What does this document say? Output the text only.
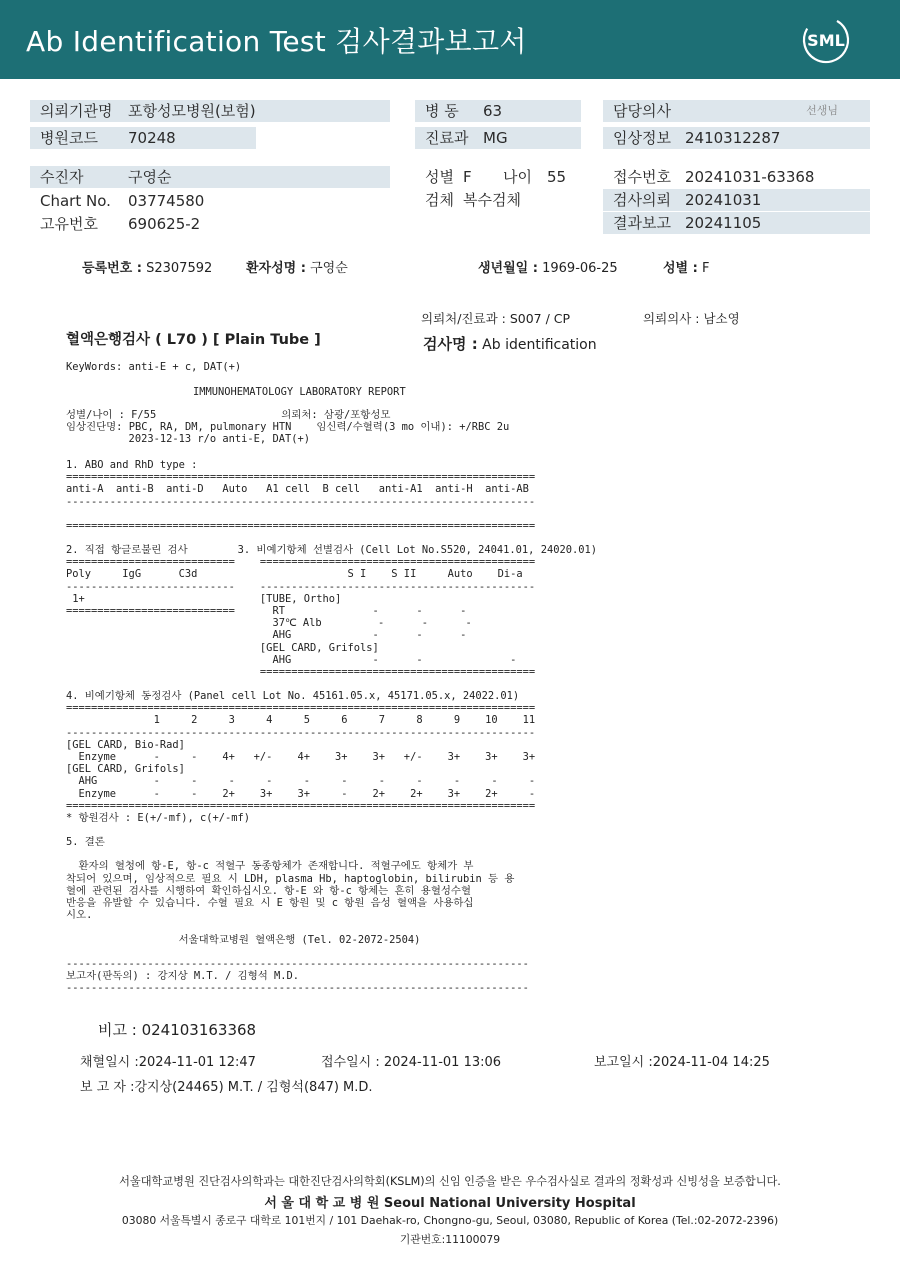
Ab Identification Test 검사결과보고서	SML
의뢰기관명 포항성모병원(보험)
병원코드 70248
병 동 63
진료과 MG
담당의사	선생님
임상정보 2410312287
수진자	구영순
Chart No. 03774580
고유번호 690625-2
성별 F 나이 55
검체 복수검체
접수번호 20241031-63368
검사의뢰 20241031
결과보고 20241105
등록번호 : S2307592	환자성명 : 구영순	생년월일 : 1969-06-25	성별 : F
의뢰처/진료과 : S007 / CP	의뢰의사 : 남소영
혈액은행검사 ( L70 ) [ Plain Tube ]	검사명 : Ab identification
KeyWords: anti-E + c, DAT(+)
IMMUNOHEMATOLOGY LABORATORY REPORT
성별/나이 : F/55                    의뢰처: 삼광/포항성모
임상진단명: PBC, RA, DM, pulmonary HTN    임신력/수혈력(3 mo 이내): +/RBC 2u
2023-12-13 r/o anti-E, DAT(+)
1. ABO and RhD type :
===========================================================================
anti-A  anti-B  anti-D   Auto   A1 cell  B cell   anti-A1  anti-H  anti-AB
---------------------------------------------------------------------------

===========================================================================
2. 직접 항글로불린 검사        3. 비예기항체 선별검사 (Cell Lot No.S520, 24041.01, 24020.01)
===========================    ============================================
Poly     IgG      C3d                        S I    S II     Auto    Di-a
---------------------------    --------------------------------------------
1+                            [TUBE, Ortho]
===========================      RT              -      -      -
37℃ Alb         -      -      -
AHG             -      -      -
[GEL CARD, Grifols]
AHG             -      -              -
============================================
4. 비예기항체 동정검사 (Panel cell Lot No. 45161.05.x, 45171.05.x, 24022.01)
===========================================================================
1     2     3     4     5     6     7     8     9    10    11
---------------------------------------------------------------------------
[GEL CARD, Bio-Rad]
Enzyme      -     -    4+   +/-    4+    3+    3+   +/-    3+    3+    3+
[GEL CARD, Grifols]
AHG         -     -     -     -     -     -     -     -     -     -     -
Enzyme      -     -    2+    3+    3+     -    2+    2+    3+    2+     -
===========================================================================
* 항원검사 : E(+/-mf), c(+/-mf)
5. 결론

환자의 혈청에 항-E, 항-c 적혈구 동종항체가 존재합니다. 적혈구에도 항체가 부
착되어 있으며, 임상적으로 필요 시 LDH, plasma Hb, haptoglobin, bilirubin 등 용
혈에 관련된 검사를 시행하여 확인하십시오. 항-E 와 항-c 항체는 흔히 용혈성수혈
반응을 유발할 수 있습니다. 수혈 필요 시 E 항원 및 c 항원 음성 혈액을 사용하십
시오.

서울대학교병원 혈액은행 (Tel. 02-2072-2504)
--------------------------------------------------------------------------
보고자(판독의) : 강지상 M.T. / 김형석 M.D.
--------------------------------------------------------------------------
비고 : 024103163368
채혈일시 :2024-11-01 12:47	접수일시 : 2024-11-01 13:06	보고일시 :2024-11-04 14:25
보 고 자 :강지상(24465) M.T. / 김형석(847) M.D.
서울대학교병원 진단검사의학과는 대한진단검사의학회(KSLM)의 신임 인증을 받은 우수검사실로 결과의 정확성과 신빙성을 보증합니다.
서 울 대 학 교 병 원 Seoul National University Hospital
03080 서울특별시 종로구 대학로 101번지 / 101 Daehak-ro, Chongno-gu, Seoul, 03080, Republic of Korea (Tel.:02-2072-2396)
기관번호:11100079
